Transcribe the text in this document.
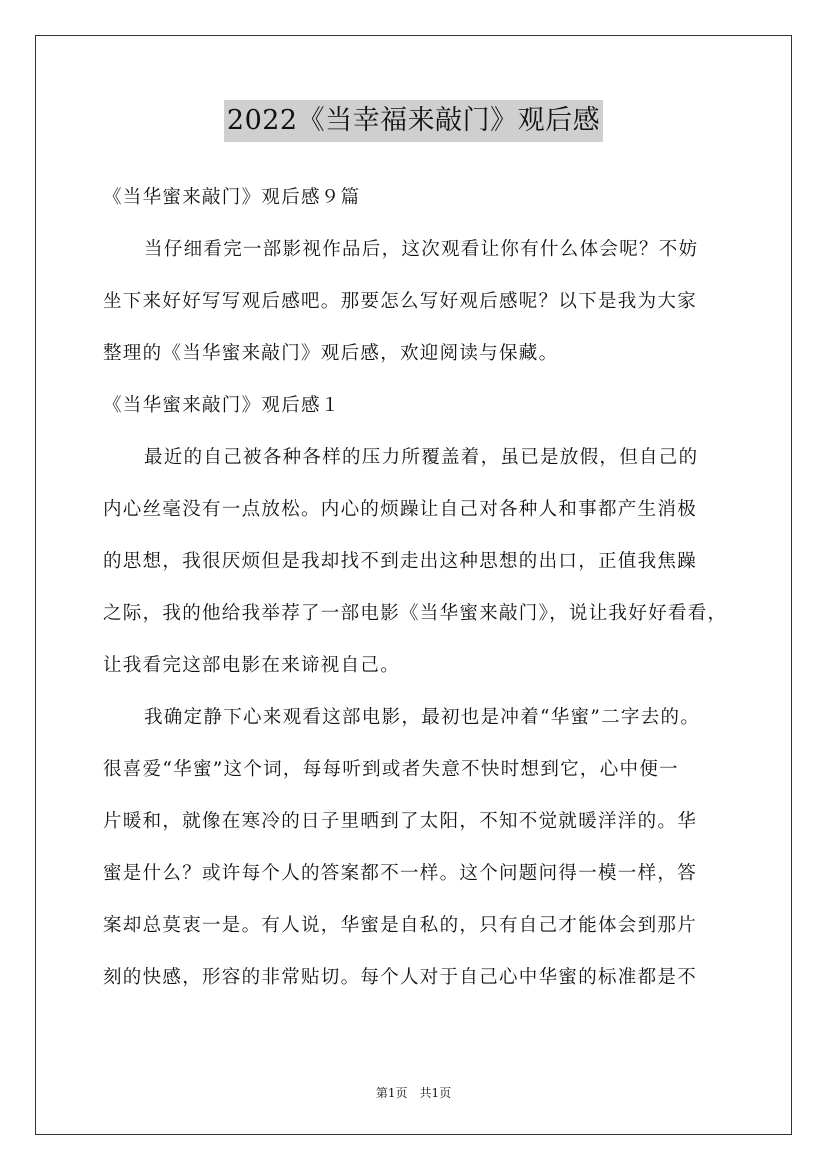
2022《当幸福来敲门》观后感

《当华蜜来敲门》观后感９篇

当仔细看完一部影视作品后，这次观看让你有什么体会呢？不妨

坐下来好好写写观后感吧。那要怎么写好观后感呢？以下是我为大家

整理的《当华蜜来敲门》观后感，欢迎阅读与保藏。

《当华蜜来敲门》观后感１

最近的自己被各种各样的压力所覆盖着，虽已是放假，但自己的

内心丝毫没有一点放松。内心的烦躁让自己对各种人和事都产生消极

的思想，我很厌烦但是我却找不到走出这种思想的出口，正值我焦躁

之际，我的他给我举荐了一部电影《当华蜜来敲门》，说让我好好看看，

让我看完这部电影在来谛视自己。

我确定静下心来观看这部电影，最初也是冲着“华蜜”二字去的。

很喜爱“华蜜”这个词，每每听到或者失意不快时想到它，心中便一

片暖和，就像在寒冷的日子里晒到了太阳，不知不觉就暖洋洋的。华

蜜是什么？或许每个人的答案都不一样。这个问题问得一模一样，答

案却总莫衷一是。有人说，华蜜是自私的，只有自己才能体会到那片

刻的快感，形容的非常贴切。每个人对于自己心中华蜜的标准都是不

第1页　共1页
